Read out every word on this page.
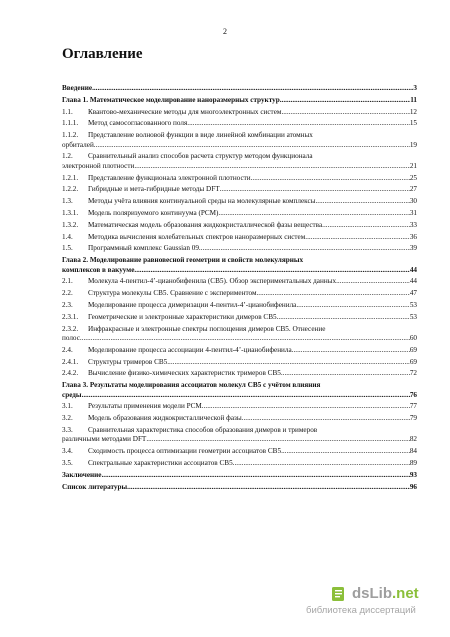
2
Оглавление
Введение .....	3
Глава 1. Математическое моделирование наноразмерных структур .....	11
1.1. Квантово-механические методы для многоэлектронных систем .....	12
1.1.1. Метод самосогласованного поля .....	15
1.1.2. Представление волновой функции в виде линейной комбинации атомных
орбиталей .....	19
1.2. Сравнительный анализ способов расчета структур методом функционала
электронной плотности .....	21
1.2.1. Представление функционала электронной плотности .....	25
1.2.2. Гибридные и мета-гибридные методы DFT .....	27
1.3. Методы учёта влияния континуальной среды на молекулярные комплексы .....	30
1.3.1. Модель поляризуемого континуума (PCM) .....	31
1.3.2. Математическая модель образования жидкокристаллической фазы вещества .....	33
1.4. Методика вычисления колебательных спектров наноразмерных систем .....	36
1.5. Программный комплекс Gaussian 09 .....	39
Глава 2. Моделирование равновесной геометрии и свойств молекулярных
комплексов в вакууме .....	44
2.1. Молекула 4-пентил-4’-цианобифенила (CB5). Обзор экспериментальных данных .....	44
2.2. Структура молекулы CB5. Сравнение с экспериментом .....	47
2.3. Моделирование процесса димеризации 4-пентил-4’-цианобифенила .....	53
2.3.1. Геометрические и электронные характеристики димеров CB5 .....	53
2.3.2. Инфракрасные и электронные спектры поглощения димеров CB5. Отнесение
полос .....	60
2.4. Моделирование процесса ассоциации 4-пентил-4’-цианобифенила .....	69
2.4.1. Структуры тримеров CB5 .....	69
2.4.2. Вычисление физико-химических характеристик тримеров CB5 .....	72
Глава 3. Результаты моделирования ассоциатов молекул CB5 с учётом влияния
среды .....	76
3.1. Результаты применения модели PCM .....	77
3.2. Модель образования жидкокристаллической фазы .....	79
3.3. Сравнительная характеристика способов образования димеров и тримеров
различными методами DFT .....	82
3.4. Сходимость процесса оптимизации геометрии ассоциатов CB5 .....	84
3.5. Спектральные характеристики ассоциатов CB5 .....	89
Заключение .....	93
Список литературы .....	96
dsLib.net
библиотека диссертаций
